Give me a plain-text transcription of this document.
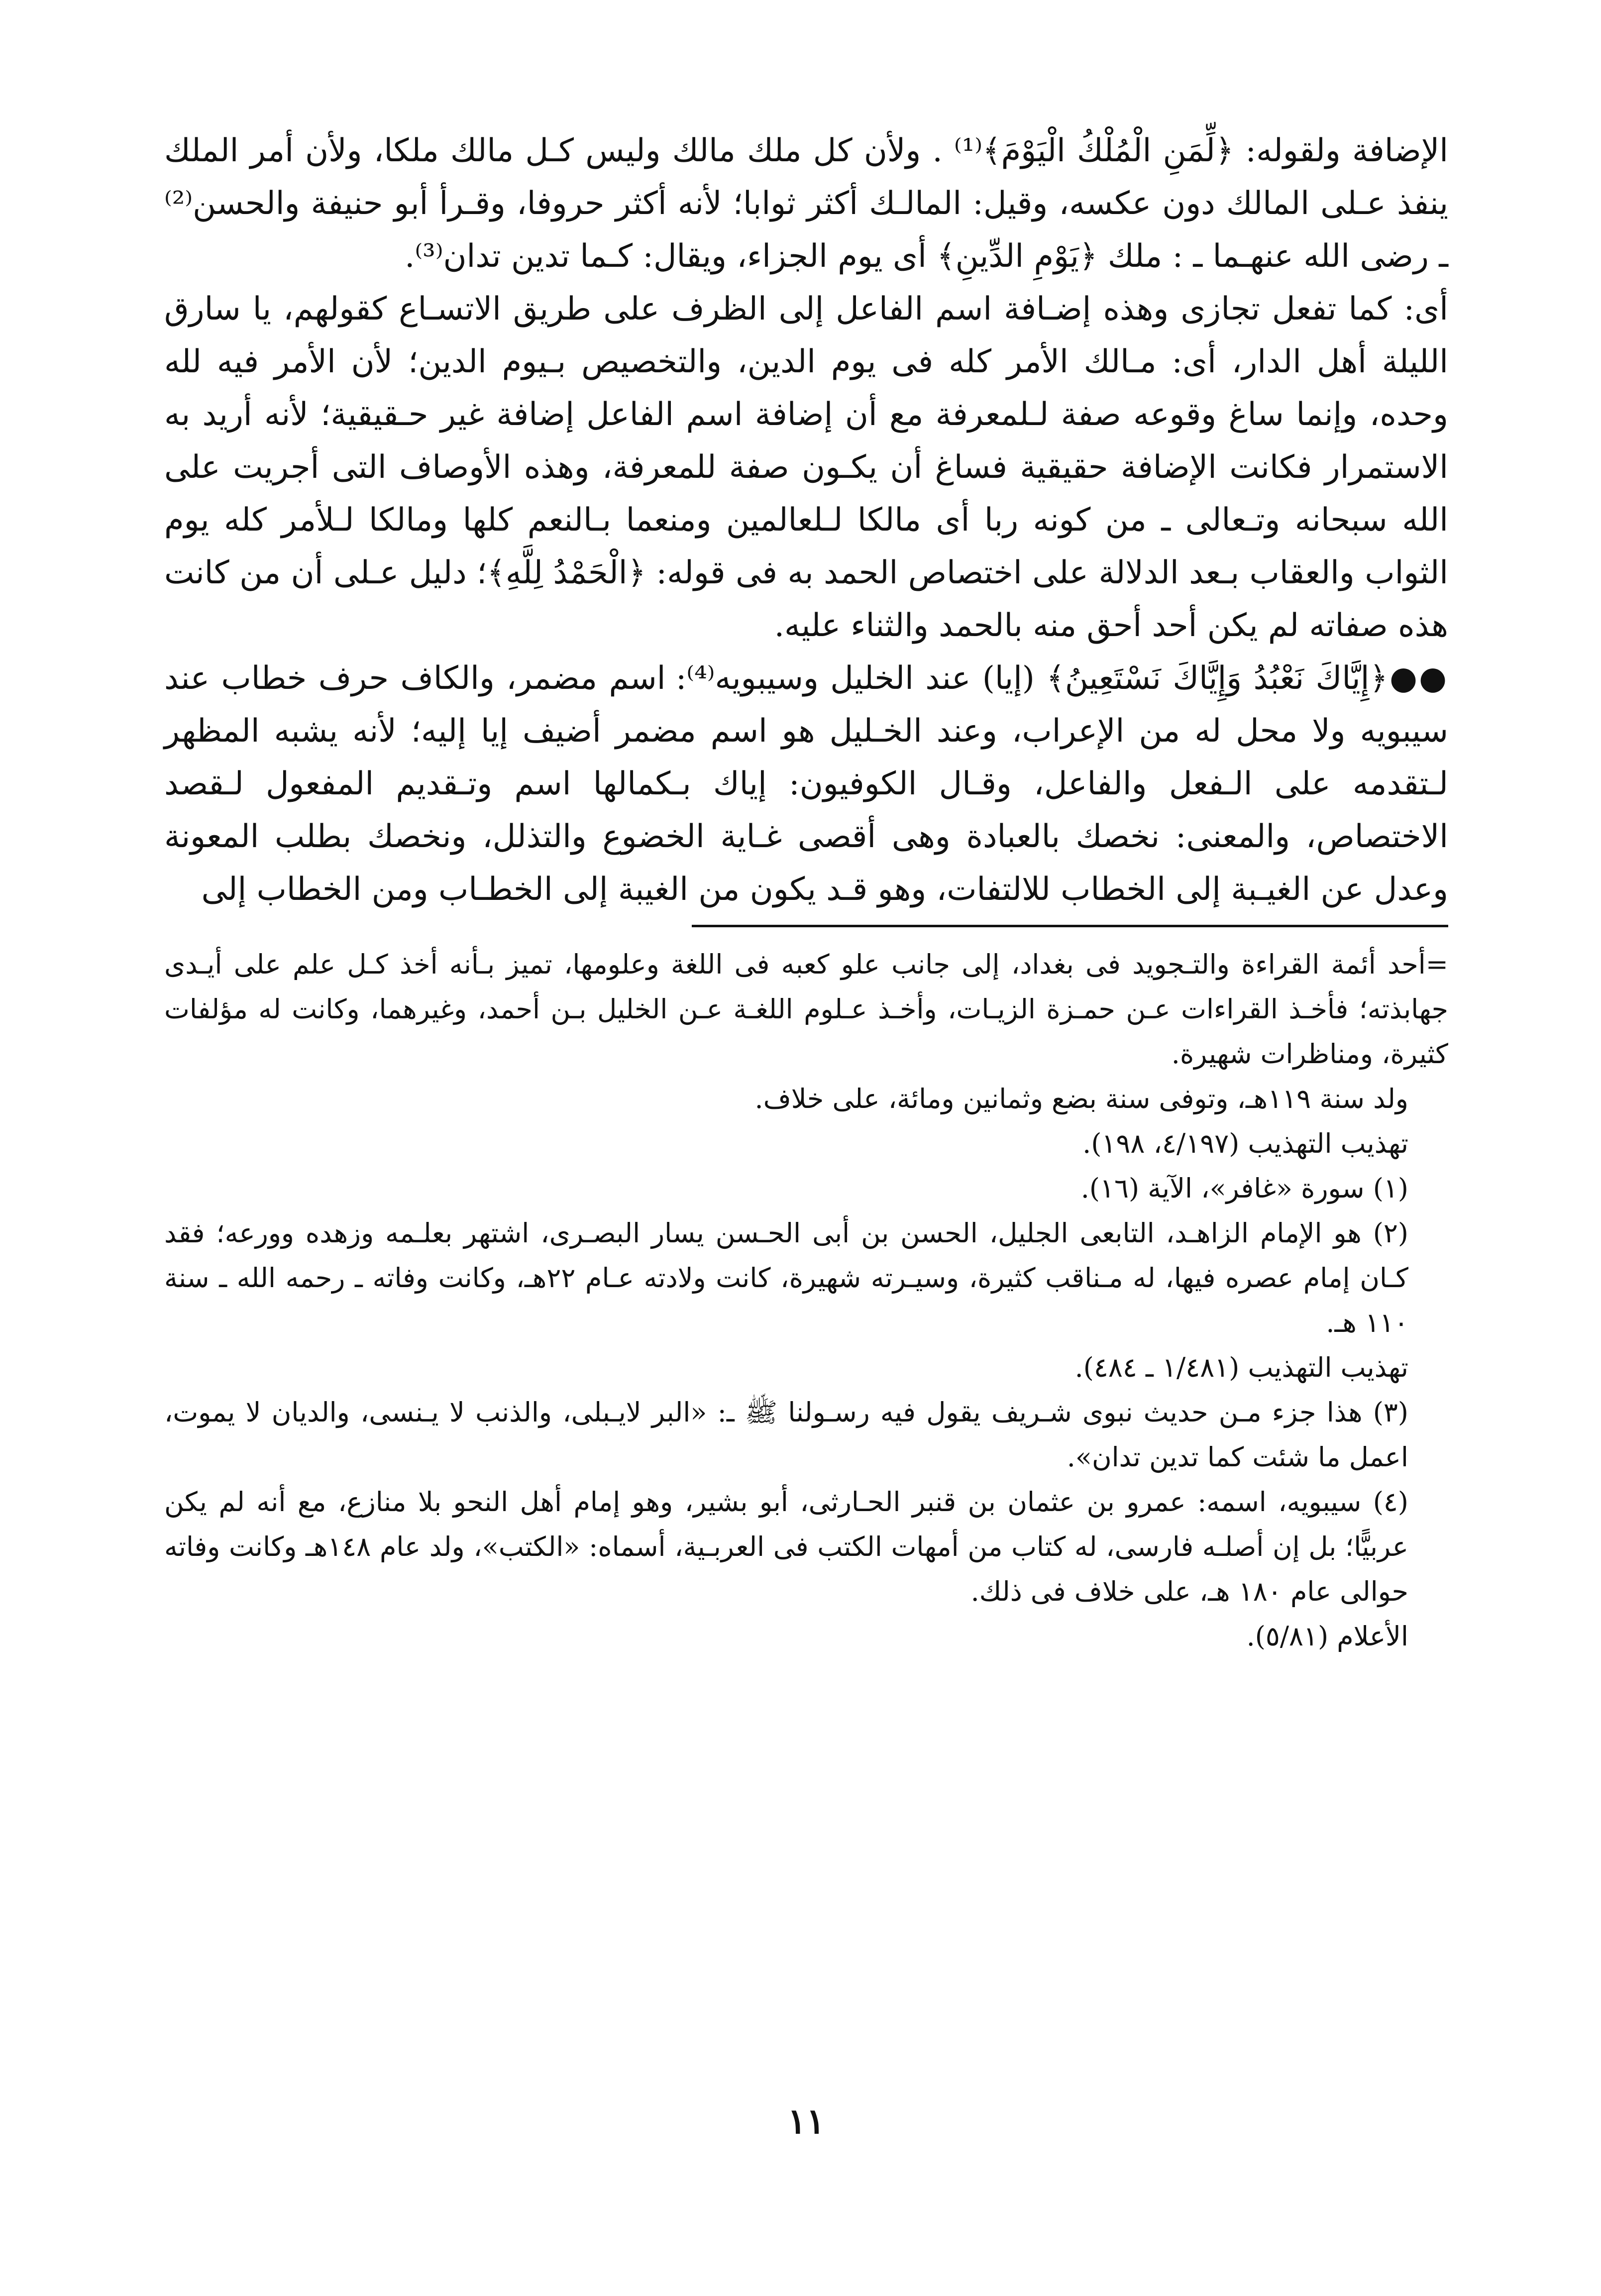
الإضافة ولقوله: ﴿لِّمَنِ الْمُلْكُ الْيَوْمَ﴾⁽¹⁾ . ولأن كل ملك مالك وليس كـل مالك ملكا، ولأن أمر الملك ينفذ عـلى المالك دون عكسه، وقيل: المالـك أكثر ثوابا؛ لأنه أكثر حروفا، وقـرأ أبو حنيفة والحسن⁽²⁾ ـ رضى الله عنهـما ـ : ملك ﴿يَوْمِ الدِّينِ﴾ أى يوم الجزاء، ويقال: كـما تدين تدان⁽³⁾.

أى: كما تفعل تجازى وهذه إضـافة اسم الفاعل إلى الظرف على طريق الاتسـاع كقولهم، يا سارق الليلة أهل الدار، أى: مـالك الأمر كله فى يوم الدين، والتخصيص بـيوم الدين؛ لأن الأمر فيه لله وحده، وإنما ساغ وقوعه صفة لـلمعرفة مع أن إضافة اسم الفاعل إضافة غير حـقيقية؛ لأنه أريد به الاستمرار فكانت الإضافة حقيقية فساغ أن يكـون صفة للمعرفة، وهذه الأوصاف التى أجريت على الله سبحانه وتـعالى ـ من كونه ربا أى مالكا لـلعالمين ومنعما بـالنعم كلها ومالكا لـلأمر كله يوم الثواب والعقاب بـعد الدلالة على اختصاص الحمد به فى قوله: ﴿الْحَمْدُ لِلَّهِ﴾؛ دليل عـلى أن من كانت هذه صفاته لم يكن أحد أحق منه بالحمد والثناء عليه.

●●﴿إِيَّاكَ نَعْبُدُ وَإِيَّاكَ نَسْتَعِينُ﴾ (إيا) عند الخليل وسيبويه⁽⁴⁾: اسم مضمر، والكاف حرف خطاب عند سيبويه ولا محل له من الإعراب، وعند الخـليل هو اسم مضمر أضيف إيا إليه؛ لأنه يشبه المظهر لـتقدمه على الـفعل والفاعل، وقـال الكوفيون: إياك بـكمالها اسم وتـقديم المفعول لـقصد الاختصاص، والمعنى: نخصك بالعبادة وهى أقصى غـاية الخضوع والتذلل، ونخصك بطلب المعونة وعدل عن الغيـبة إلى الخطاب للالتفات، وهو قـد يكون من الغيبة إلى الخطـاب ومن الخطاب إلى

=أحد أئمة القراءة والتـجويد فى بغداد، إلى جانب علو كعبه فى اللغة وعلومها، تميز بـأنه أخذ كـل علم على أيـدى جهابذته؛ فأخـذ القراءات عـن حمـزة الزيـات، وأخـذ عـلوم اللغـة عـن الخليل بـن أحمد، وغيرهما، وكانت له مؤلفات كثيرة، ومناظرات شهيرة.

ولد سنة ١١٩هـ، وتوفى سنة بضع وثمانين ومائة، على خلاف.

تهذيب التهذيب (٤/١٩٧، ١٩٨).

(١) سورة «غافر»، الآية (١٦).

(٢) هو الإمام الزاهـد، التابعى الجليل، الحسن بن أبى الحـسن يسار البصـرى، اشتهر بعلـمه وزهده وورعه؛ فقد كـان إمام عصره فيها، له مـناقب كثيرة، وسيـرته شهيرة، كانت ولادته عـام ٢٢هـ، وكانت وفاته ـ رحمه الله ـ سنة ١١٠ هـ.

تهذيب التهذيب (١/٤٨١ ـ ٤٨٤).

(٣) هذا جزء مـن حديث نبوى شـريف يقول فيه رسـولنا ﷺ ـ: «البر لايـبلى، والذنب لا يـنسى، والديان لا يموت، اعمل ما شئت كما تدين تدان».

(٤) سيبويه، اسمه: عمرو بن عثمان بن قنبر الحـارثى، أبو بشير، وهو إمام أهل النحو بلا منازع، مع أنه لم يكن عربيًّا؛ بل إن أصلـه فارسى، له كتاب من أمهات الكتب فى العربـية، أسماه: «الكتب»، ولد عام ١٤٨هـ وكانت وفاته حوالى عام ١٨٠ هـ، على خلاف فى ذلك.

الأعلام (٥/٨١).

١١
